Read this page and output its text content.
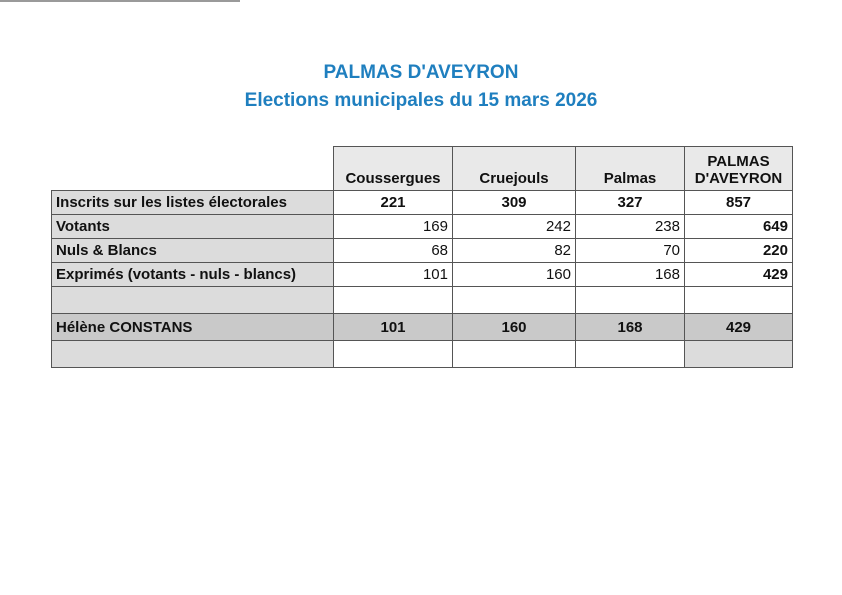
PALMAS D'AVEYRON
Elections municipales du 15 mars 2026
	Coussergues	Cruejouls	Palmas	PALMAS
D'AVEYRON
Inscrits sur les listes électorales	221	309	327	857
Votants	169	242	238	649
Nuls & Blancs	68	82	70	220
Exprimés (votants - nuls - blancs)	101	160	168	429

Hélène CONSTANS	101	160	168	429
